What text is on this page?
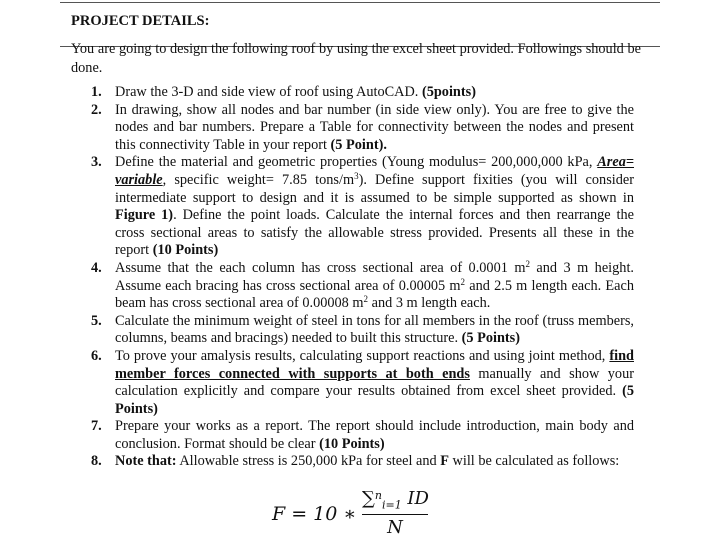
PROJECT DETAILS:

You are going to design the following roof by using the excel sheet provided. Followings should be done.

1. Draw the 3-D and side view of roof using AutoCAD. (5points)
2. In drawing, show all nodes and bar number (in side view only). You are free to give the nodes and bar numbers. Prepare a Table for connectivity between the nodes and present this connectivity Table in your report (5 Point).
3. Define the material and geometric properties (Young modulus= 200,000,000 kPa, Area= variable, specific weight= 7.85 tons/$m^3$). Define support fixities (you will consider intermediate support to design and it is assumed to be simple supported as shown in Figure 1). Define the point loads. Calculate the internal forces and then rearrange the cross sectional areas to satisfy the allowable stress provided. Presents all these in the report (10 Points)
4. Assume that the each column has cross sectional area of 0.0001 $m^2$ and 3 m height. Assume each bracing has cross sectional area of 0.00005 $m^2$ and 2.5 m length each. Each beam has cross sectional area of 0.00008 $m^2$ and 3 m length each.
5. Calculate the minimum weight of steel in tons for all members in the roof (truss members, columns, beams and bracings) needed to built this structure. (5 Points)
6. To prove your amalysis results, calculating support reactions and using joint method, find member forces connected with supports at both ends manually and show your calculation explicitly and compare your results obtained from excel sheet provided. (5 Points)
7. Prepare your works as a report. The report should include introduction, main body and conclusion. Format should be clear (10 Points)
8. Note that: Allowable stress is 250,000 kPa for steel and F will be calculated as follows:
F = 10 ∗
∑$^n_{i=1}$ ID
N
